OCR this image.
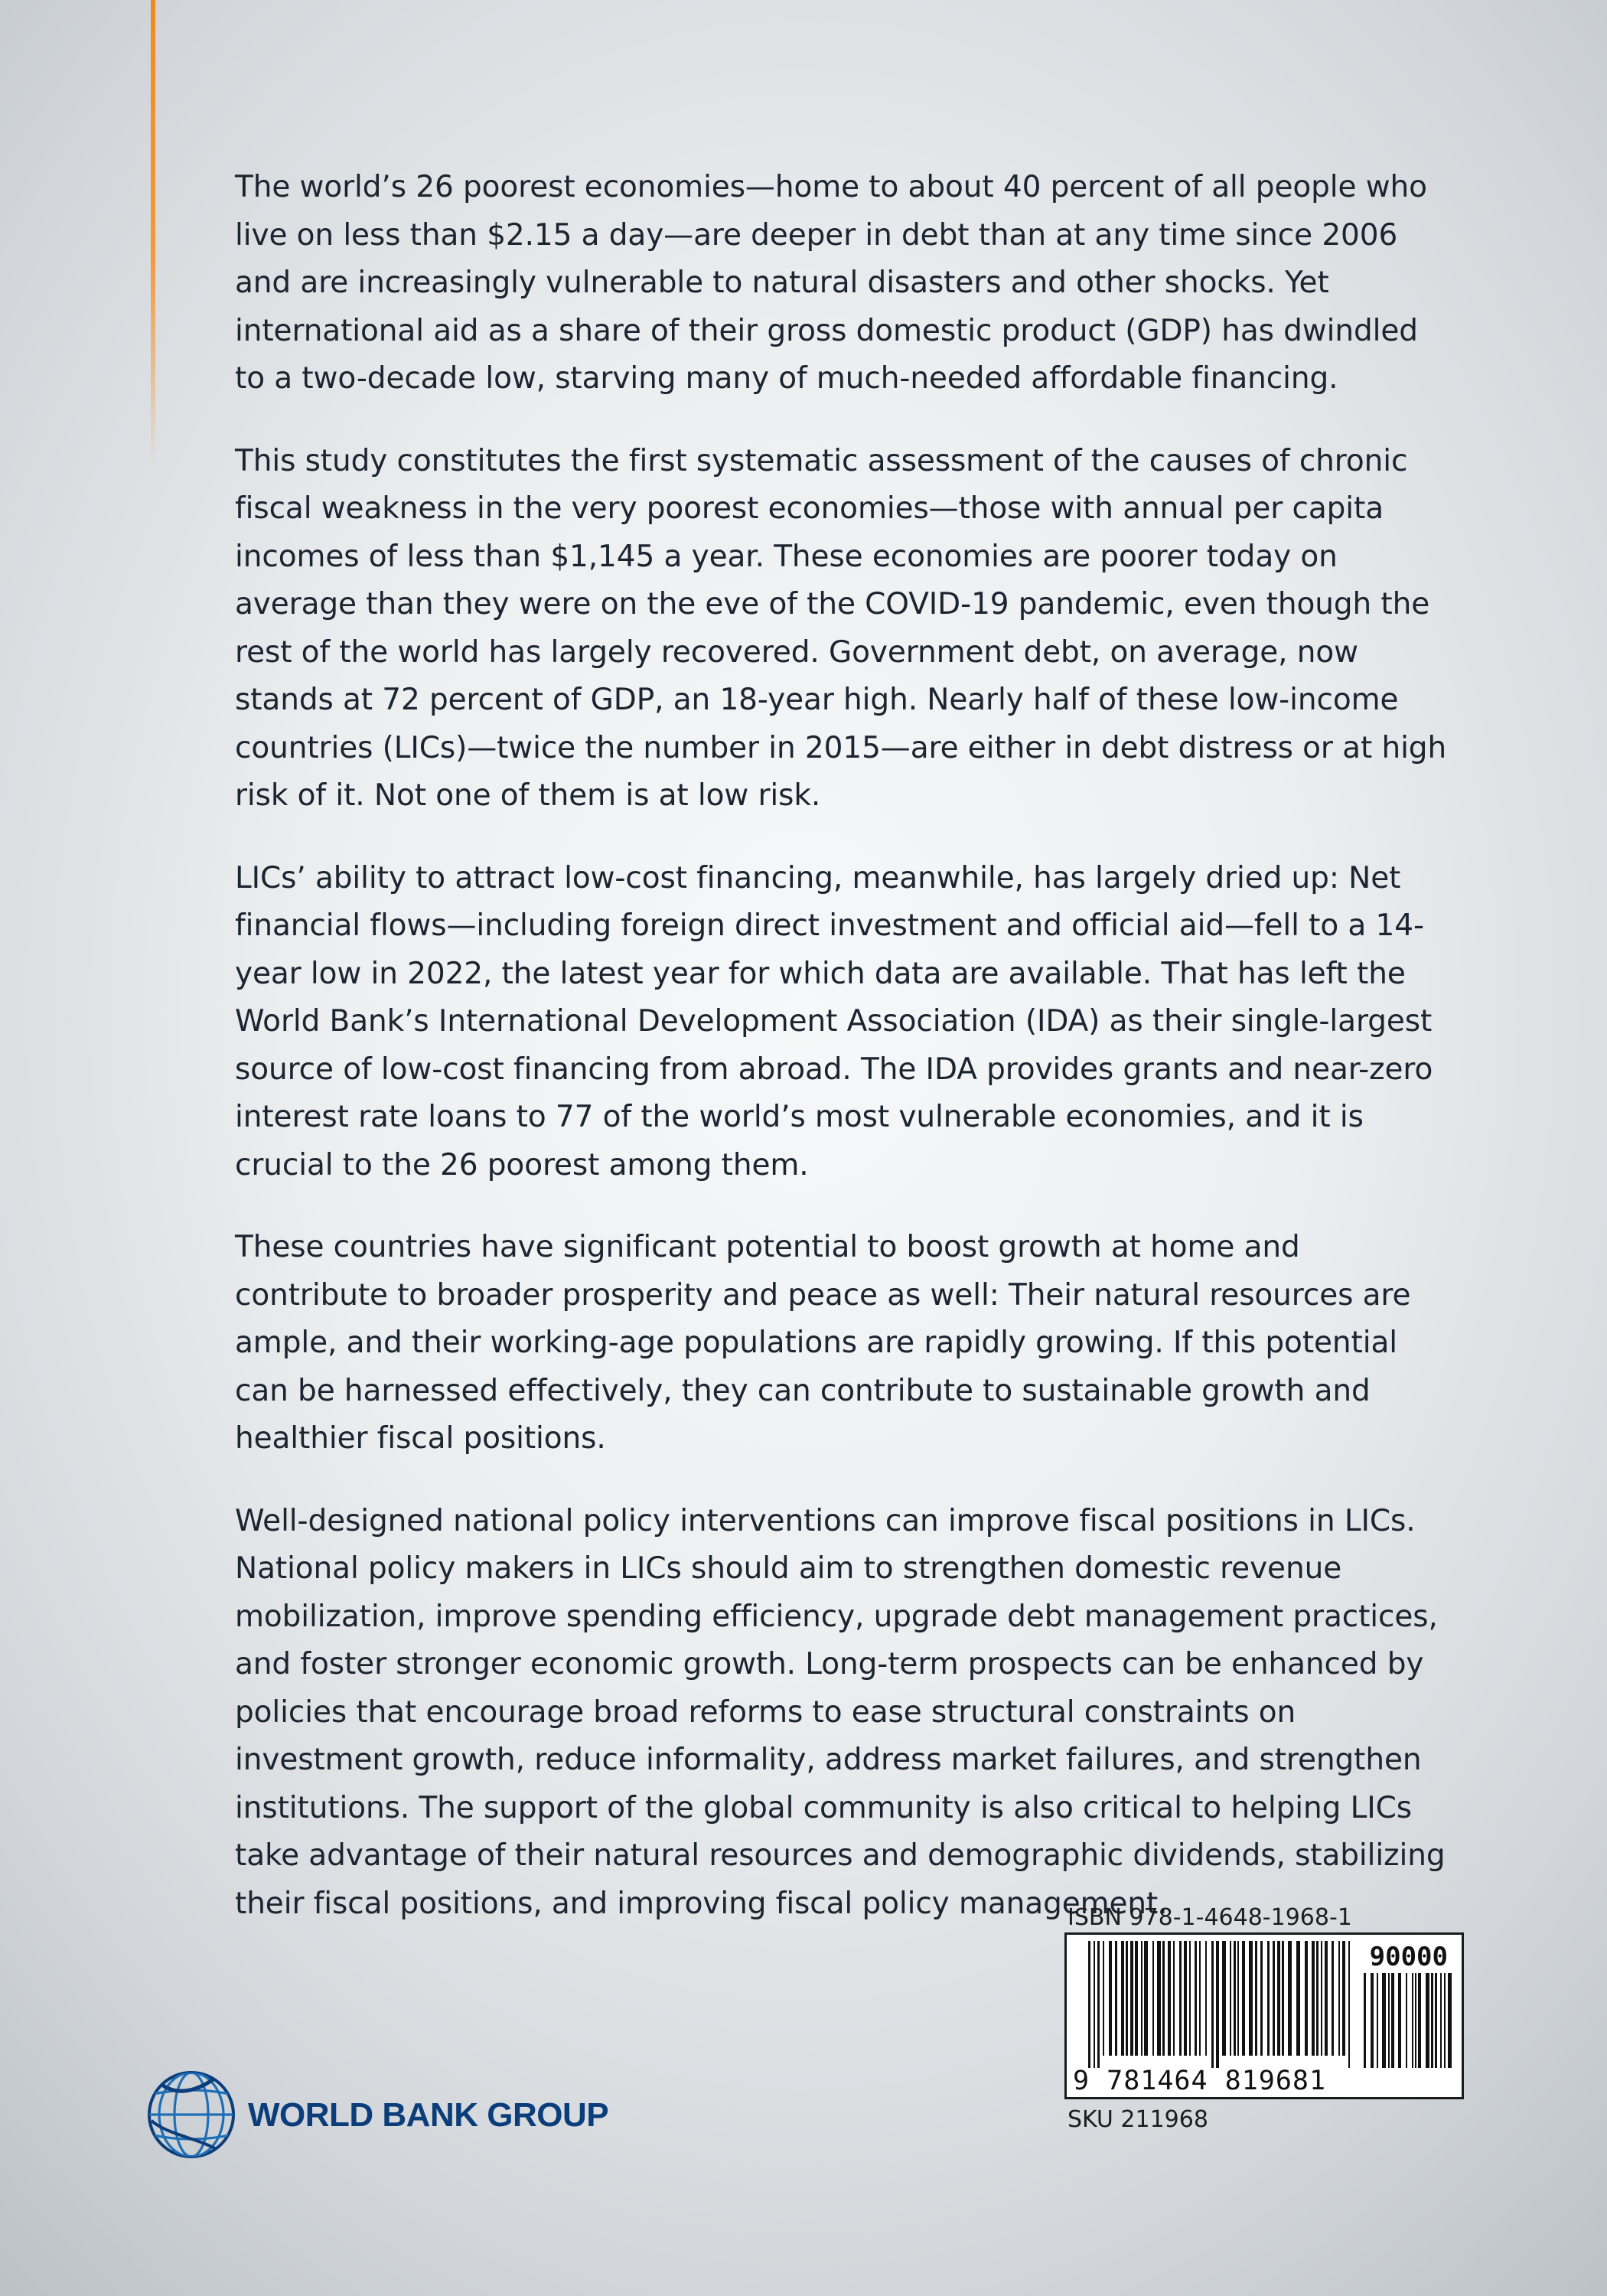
The world’s 26 poorest economies—home to about 40 percent of all people who live on less than $2.15 a day—are deeper in debt than at any time since 2006 and are increasingly vulnerable to natural disasters and other shocks. Yet international aid as a share of their gross domestic product (GDP) has dwindled to a two-decade low, starving many of much-needed affordable financing.

This study constitutes the first systematic assessment of the causes of chronic fiscal weakness in the very poorest economies—those with annual per capita incomes of less than $1,145 a year. These economies are poorer today on average than they were on the eve of the COVID-19 pandemic, even though the rest of the world has largely recovered. Government debt, on average, now stands at 72 percent of GDP, an 18-year high. Nearly half of these low-income countries (LICs)—twice the number in 2015—are either in debt distress or at high risk of it. Not one of them is at low risk.

LICs’ ability to attract low-cost financing, meanwhile, has largely dried up: Net financial flows—including foreign direct investment and official aid—fell to a 14-year low in 2022, the latest year for which data are available. That has left the World Bank’s International Development Association (IDA) as their single-largest source of low-cost financing from abroad. The IDA provides grants and near-zero interest rate loans to 77 of the world’s most vulnerable economies, and it is crucial to the 26 poorest among them.

These countries have significant potential to boost growth at home and contribute to broader prosperity and peace as well: Their natural resources are ample, and their working-age populations are rapidly growing. If this potential can be harnessed effectively, they can contribute to sustainable growth and healthier fiscal positions.

Well-designed national policy interventions can improve fiscal positions in LICs. National policy makers in LICs should aim to strengthen domestic revenue mobilization, improve spending efficiency, upgrade debt management practices, and foster stronger economic growth. Long-term prospects can be enhanced by policies that encourage broad reforms to ease structural constraints on investment growth, reduce informality, address market failures, and strengthen institutions. The support of the global community is also critical to helping LICs take advantage of their natural resources and demographic dividends, stabilizing their fiscal positions, and improving fiscal policy management.

ISBN 978-1-4648-1968-1
90000
9 781464 819681
SKU 211968
WORLD BANK GROUP
